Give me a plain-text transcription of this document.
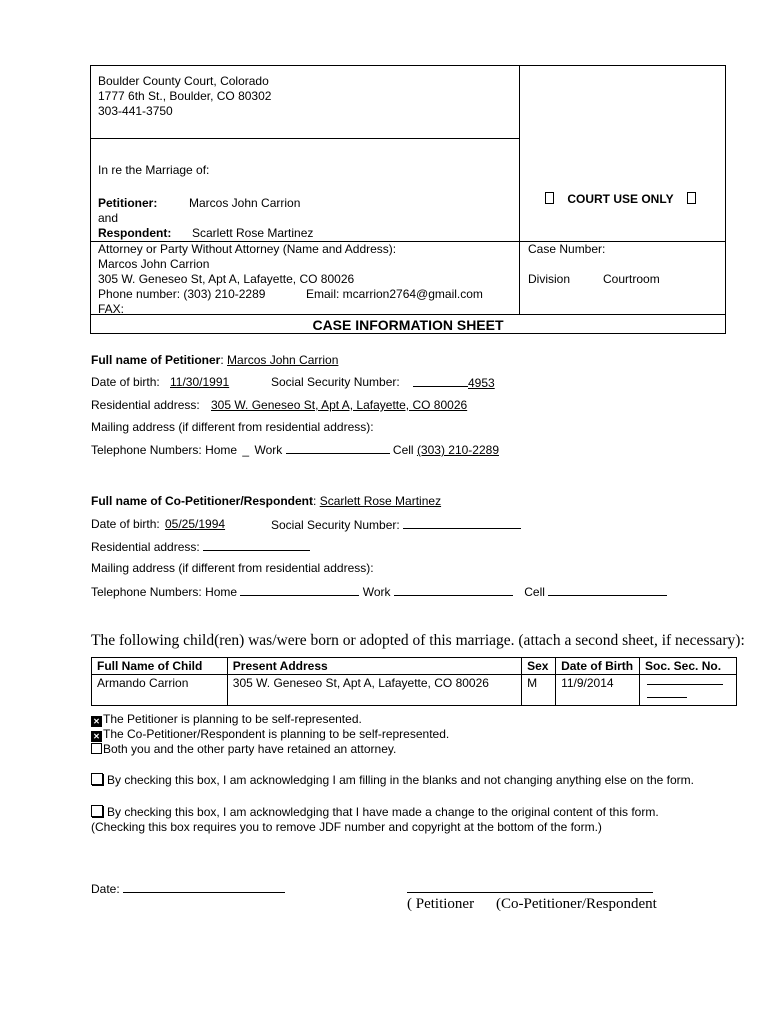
Boulder County Court, Colorado
1777 6th St., Boulder, CO 80302
303-441-3750
In re the Marriage of:
Petitioner:	Marcos John Carrion
and
Respondent: Scarlett Rose Martinez
COURT USE ONLY
Attorney or Party Without Attorney (Name and Address):
Marcos John Carrion
305 W. Geneseo St, Apt A, Lafayette, CO 80026
Phone number: (303) 210-2289	Email: mcarrion2764@gmail.com
FAX:
Case Number:
Division	Courtroom
CASE INFORMATION SHEET
Full name of Petitioner: Marcos John Carrion
Date of birth: 11/30/1991	Social Security Number:	4953
Residential address: 305 W. Geneseo St, Apt A, Lafayette, CO 80026
Mailing address (if different from residential address):
Telephone Numbers: Home _ Work	Cell (303) 210-2289
Full name of Co-Petitioner/Respondent: Scarlett Rose Martinez
Date of birth: 05/25/1994	Social Security Number:
Residential address:
Mailing address (if different from residential address):
Telephone Numbers: Home	Work	Cell
The following child(ren) was/were born or adopted of this marriage. (attach a second sheet, if necessary):
Full Name of Child	Present Address	Sex	Date of Birth	Soc. Sec. No.
Armando Carrion	305 W. Geneseo St, Apt A, Lafayette, CO 80026	M	11/9/2014	
✕ The Petitioner is planning to be self-represented.
✕ The Co-Petitioner/Respondent is planning to be self-represented.
Both you and the other party have retained an attorney.
By checking this box, I am acknowledging I am filling in the blanks and not changing anything else on the form.
By checking this box, I am acknowledging that I have made a change to the original content of this form. (Checking this box requires you to remove JDF number and copyright at the bottom of the form.)
Date:
( Petitioner (Co-Petitioner/Respondent
